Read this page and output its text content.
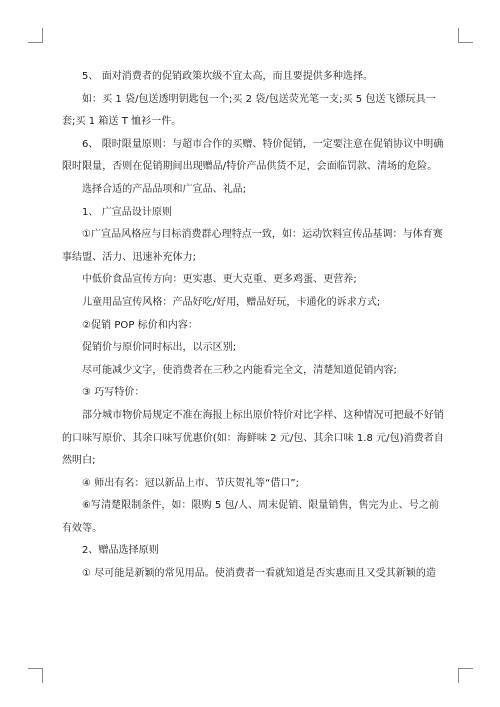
5、 面对消费者的促销政策坎级不宜太高，而且要提供多种选择。

如：买 1 袋/包送透明钥匙包一个;买 2 袋/包送荧光笔一支;买 5 包送飞镖玩具一套;买 1 箱送 T 恤衫一件。

6、 限时限量原则：与超市合作的买赠、特价促销，一定要注意在促销协议中明确限时限量，否则在促销期间出现赠品/特价产品供货不足，会面临罚款、清场的危险。

选择合适的产品品项和广宣品、礼品;

1、 广宣品设计原则

①广宣品风格应与目标消费群心理特点一致，如：运动饮料宣传品基调：与体育赛事结盟、活力、迅速补充体力;

中低价食品宣传方向：更实惠、更大克重、更多鸡蛋、更营养;

儿童用品宣传风格：产品好吃/好用，赠品好玩，卡通化的诉求方式;

②促销 POP 标价和内容：

促销价与原价同时标出，以示区别;

尽可能减少文字，使消费者在三秒之内能看完全文，清楚知道促销内容;

③ 巧写特价：

部分城市物价局规定不准在海报上标出原价特价对比字样、这种情况可把最不好销的口味写原价、其余口味写优惠价(如：海鲜味 2 元/包、其余口味 1.8 元/包)消费者自然明白;

④ 师出有名：冠以新品上市、节庆贺礼等“借口”;

⑥写清楚限制条件，如：限购 5 包/人、周末促销、限量销售，售完为止、号之前有效等。

2、赠品选择原则

① 尽可能是新颖的常见用品。使消费者一看就知道是否实惠而且又受其新颖的造
